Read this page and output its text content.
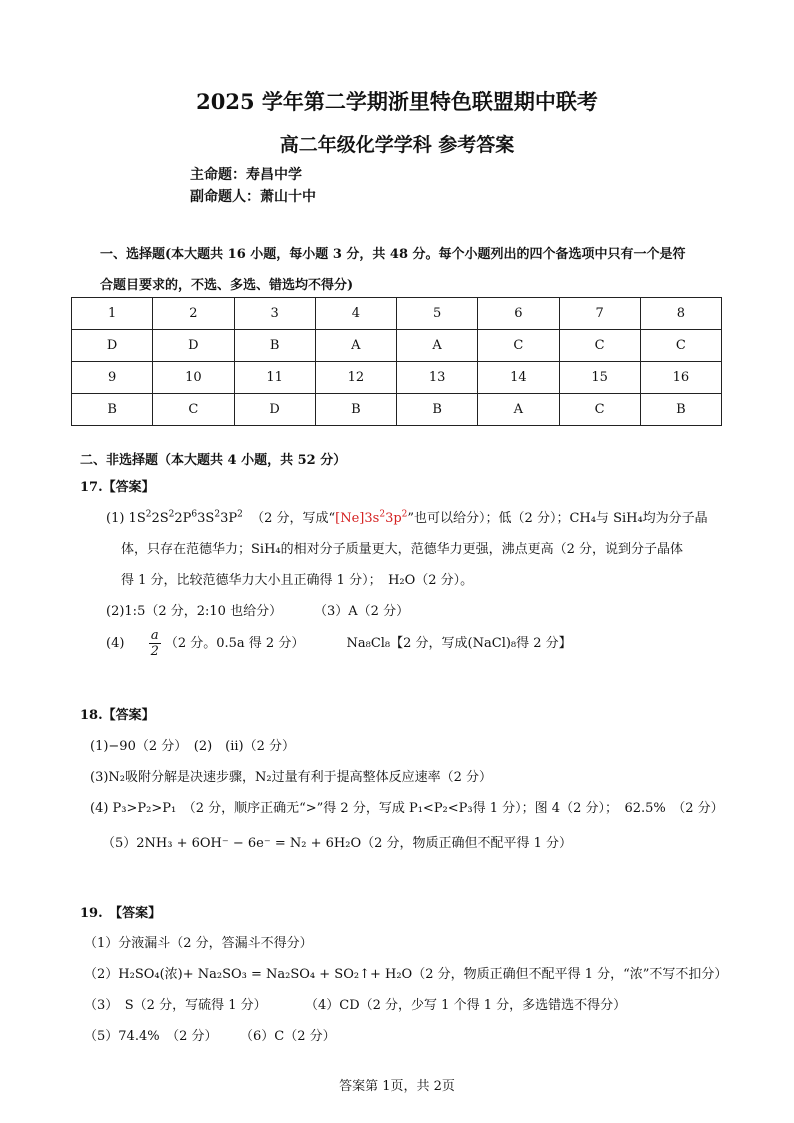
2025 学年第二学期浙里特色联盟期中联考
高二年级化学学科 参考答案
主命题：寿昌中学
副命题人：萧山十中
一、选择题(本大题共 16 小题，每小题 3 分，共 48 分。每个小题列出的四个备选项中只有一个是符
合题目要求的，不选、多选、错选均不得分)
1	2	3	4	5	6	7	8
D	D	B	A	A	C	C	C
9	10	11	12	13	14	15	16
B	C	D	B	B	A	C	B
二、非选择题（本大题共 4 小题，共 52 分）
17.【答案】
(1) $1S^22S^22P^63S^23P^2$ （2 分，写成“$[Ne]3s^23p^2$”也可以给分）；低（2 分）；CH₄与 SiH₄均为分子晶
体，只存在范德华力；SiH₄的相对分子质量更大，范德华力更强，沸点更高（2 分，说到分子晶体
得 1 分，比较范德华力大小且正确得 1 分）；　H₂O（2 分）。
(2)1:5（2 分，2:10 也给分） （3）A（2 分）
$(4) \frac{a}{2} (2$ 分。0.5a 得 2 分）	Na₈Cl₈【2 分，写成(NaCl)₈得 2 分】
18.【答案】
(1)−90（2 分）　(2)　(ii)（2 分）
(3)N₂吸附分解是决速步骤，N₂过量有利于提高整体反应速率（2 分）
(4) P₃>P₂>P₁　（2 分，顺序正确无“>”得 2 分，写成 P₁<P₂<P₃得 1 分）；图 4（2 分）；　62.5%　（2 分）
（5）2NH₃ + 6OH⁻ − 6e⁻ = N₂ + 6H₂O（2 分，物质正确但不配平得 1 分）
19.　【答案】
（1）分液漏斗（2 分，答漏斗不得分）
（2）H₂SO₄(浓)+ Na₂SO₃ = Na₂SO₄ + SO₂↑+ H₂O（2 分，物质正确但不配平得 1 分，“浓”不写不扣分）
（3）　S（2 分，写硫得 1 分）	（4）CD（2 分，少写 1 个得 1 分，多选错选不得分）
（5）74.4%　（2 分） （6）C（2 分）
答案第 1页，共 2页
